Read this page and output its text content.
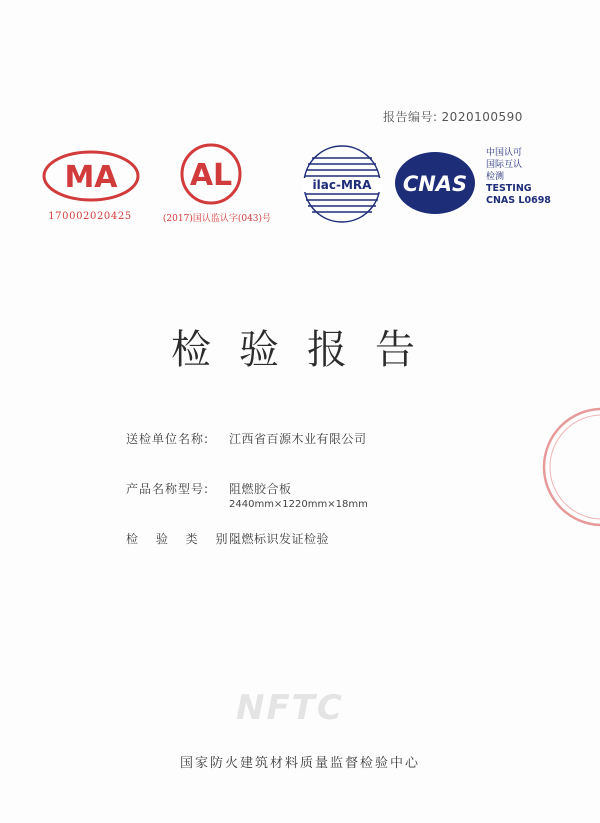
报告编号: 2020100590
MA
170002020425
AL
(2017)国认监认字(043)号
ilac-MRA CNAS
中国认可
国际互认
检测
TESTING
CNAS L0698
检验报告
送检单位名称: 江西省百源木业有限公司
产品名称型号: 阻燃胶合板
2440mm×1220mm×18mm
检 验 类 别:
阻燃标识发证检验
NFTC
国家防火建筑材料质量监督检验中心
